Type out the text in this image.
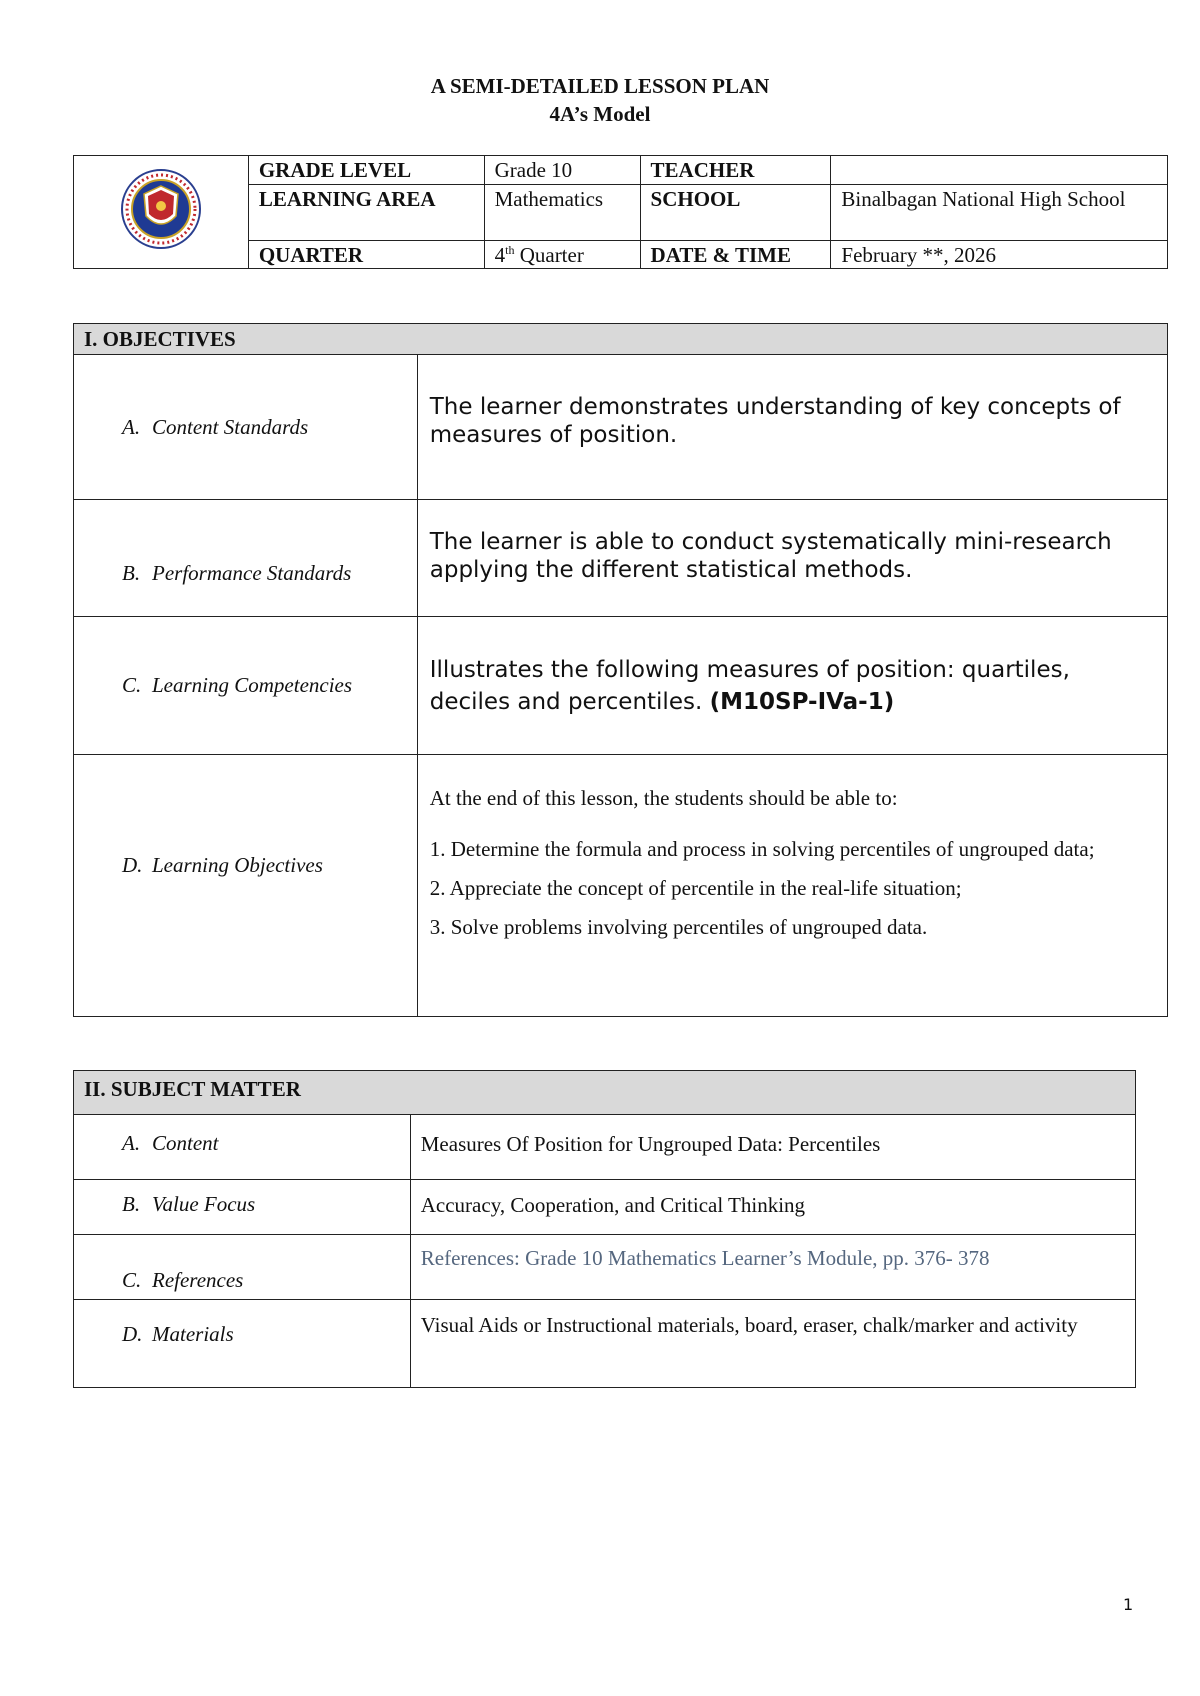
A SEMI-DETAILED LESSON PLAN
4A’s Model
	GRADE LEVEL	Grade 10	TEACHER	
	LEARNING AREA	Mathematics	SCHOOL	Binalbagan National High School
	QUARTER	4th Quarter	DATE & TIME	February **, 2026
I. OBJECTIVES	
A. Content Standards	The learner demonstrates understanding of key concepts of measures of position.
B. Performance Standards	The learner is able to conduct systematically mini-research applying the different statistical methods.
C. Learning Competencies	Illustrates the following measures of position: quartiles, deciles and percentiles. (M10SP-IVa-1)
D. Learning Objectives	At the end of this lesson, the students should be able to:

1. Determine the formula and process in solving percentiles of ungrouped data;

2. Appreciate the concept of percentile in the real-life situation;

3. Solve problems involving percentiles of ungrouped data.

II. SUBJECT MATTER	
A. Content	Measures Of Position for Ungrouped Data: Percentiles
B. Value Focus	Accuracy, Cooperation, and Critical Thinking
C. References	References: Grade 10 Mathematics Learner’s Module, pp. 376- 378
D. Materials	Visual Aids or Instructional materials, board, eraser, chalk/marker and activity
1
